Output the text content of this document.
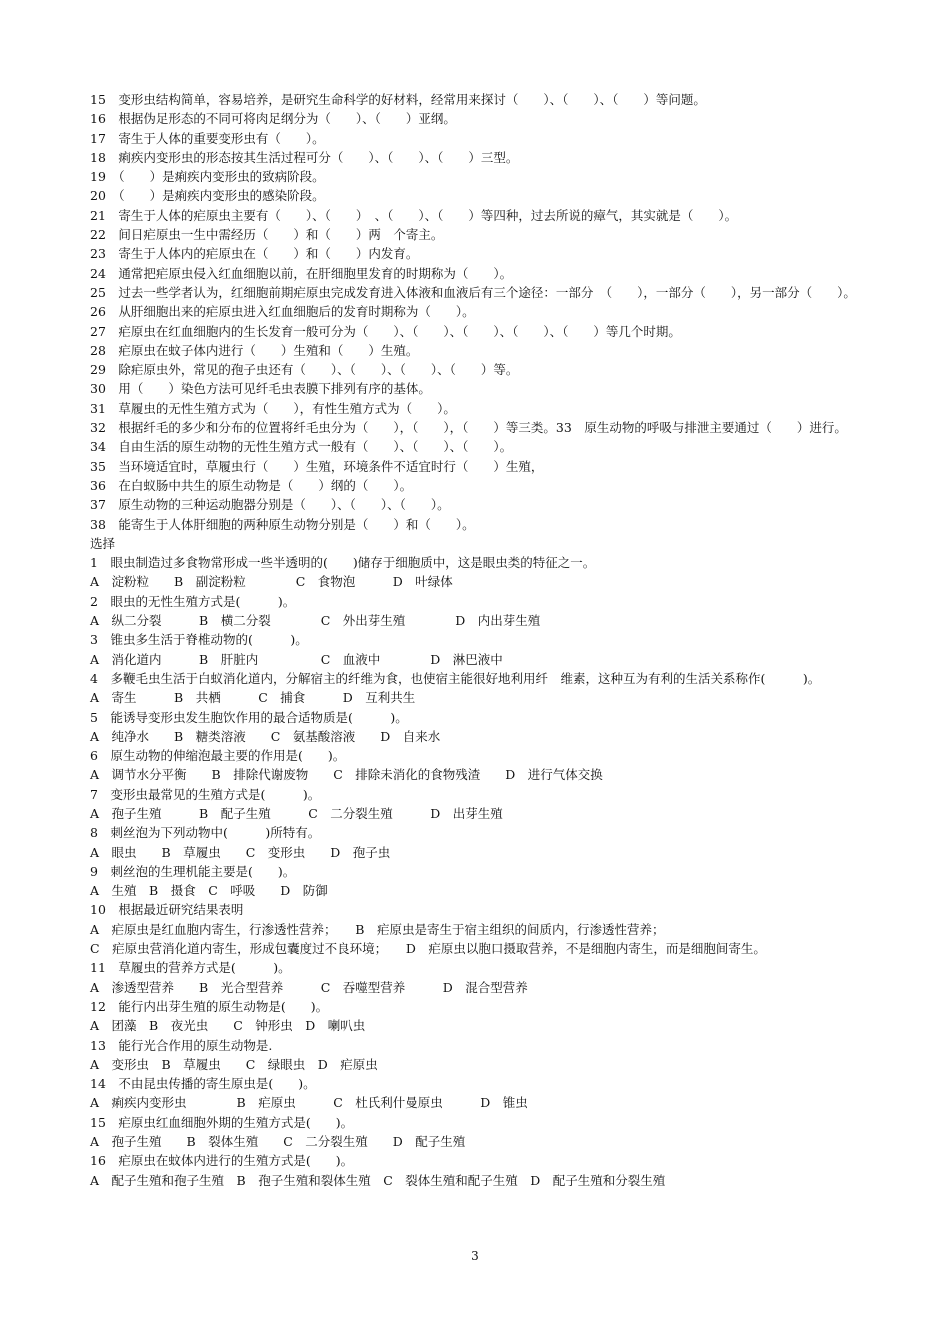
15　变形虫结构简单，容易培养，是研究生命科学的好材料，经常用来探讨（　　）、（　　）、（　　）等问题。
16　根据伪足形态的不同可将肉足纲分为（　　）、（　　）亚纲。
17　寄生于人体的重要变形虫有（　　）。
18　痢疾内变形虫的形态按其生活过程可分（　　）、（　　）、（　　）三型。
19　（　　）是痢疾内变形虫的致病阶段。
20　（　　）是痢疾内变形虫的感染阶段。
21　寄生于人体的疟原虫主要有（　　）、（　　）　、（　　）、（　　）等四种，过去所说的瘴气，其实就是（　　）。
22　间日疟原虫一生中需经历（　　）和（　　）两　个寄主。
23　寄生于人体内的疟原虫在（　　）和（　　）内发育。
24　通常把疟原虫侵入红血细胞以前，在肝细胞里发育的时期称为（　　）。
25　过去一些学者认为，红细胞前期疟原虫完成发育进入体液和血液后有三个途径：一部分　（　　），一部分（　　），另一部分（　　）。
26　从肝细胞出来的疟原虫进入红血细胞后的发育时期称为（　　）。
27　疟原虫在红血细胞内的生长发育一般可分为（　　）、（　　）、（　　）、（　　）、（　　）等几个时期。
28　疟原虫在蚊子体内进行（　　）生殖和（　　）生殖。
29　除疟原虫外，常见的孢子虫还有（　　）、（　　）、（　　）、（　　）等。
30　用（　　）染色方法可见纤毛虫表膜下排列有序的基体。
31　草履虫的无性生殖方式为（　　），有性生殖方式为（　　）。
32　根据纤毛的多少和分布的位置将纤毛虫分为（　　），（　　），（　　）等三类。33　原生动物的呼吸与排泄主要通过（　　）进行。
34　自由生活的原生动物的无性生殖方式一般有（　　）、（　　）、（　　）。
35　当环境适宜时，草履虫行（　　）生殖，环境条件不适宜时行（　　）生殖，
36　在白蚁肠中共生的原生动物是（　　）纲的（　　）。
37　原生动物的三种运动胞器分别是（　　）、（　　）、（　　）。
38　能寄生于人体肝细胞的两种原生动物分别是（　　）和（　　）。
选择
1　眼虫制造过多食物常形成一些半透明的(　　)储存于细胞质中，这是眼虫类的特征之一。
A　淀粉粒　　B　副淀粉粒　　　　C　食物泡　　　D　叶绿体
2　眼虫的无性生殖方式是(　　　)。
A　纵二分裂　　　B　横二分裂　　　　C　外出芽生殖　　　　D　内出芽生殖
3　锥虫多生活于脊椎动物的(　　　)。
A　消化道内　　　B　肝脏内　　　　　C　血液中　　　　D　淋巴液中
4　多鞭毛虫生活于白蚁消化道内，分解宿主的纤维为食，也使宿主能很好地利用纤　维素，这种互为有利的生活关系称作(　　　)。
A　寄生　　　B　共栖　　　C　捕食　　　D　互利共生
5　能诱导变形虫发生胞饮作用的最合适物质是(　　　)。
A　纯净水　　B　糖类溶液　　C　氨基酸溶液　　D　自来水
6　原生动物的伸缩泡最主要的作用是(　　)。
A　调节水分平衡　　B　排除代谢废物　　C　排除未消化的食物残渣　　D　进行气体交换
7　变形虫最常见的生殖方式是(　　　)。
A　孢子生殖　　　B　配子生殖　　　C　二分裂生殖　　　D　出芽生殖
8　刺丝泡为下列动物中(　　　)所特有。
A　眼虫　　B　草履虫　　C　变形虫　　D　孢子虫
9　刺丝泡的生理机能主要是(　　)。
A　生殖　B　摄食　C　呼吸　　D　防御
10　根据最近研究结果表明
A　疟原虫是红血胞内寄生，行渗透性营养；　　B　疟原虫是寄生于宿主组织的间质内，行渗透性营养；
C　疟原虫营消化道内寄生，形成包囊度过不良环境；　　D　疟原虫以胞口摄取营养，不是细胞内寄生，而是细胞间寄生。
11　草履虫的营养方式是(　　　)。
A　渗透型营养　　B　光合型营养　　　C　吞噬型营养　　　D　混合型营养
12　能行内出芽生殖的原生动物是(　　)。
A　团藻　B　夜光虫　　C　钟形虫　D　喇叭虫
13　能行光合作用的原生动物是.
A　变形虫　B　草履虫　　C　绿眼虫　D　疟原虫
14　不由昆虫传播的寄生原虫是(　　)。
A　痢疾内变形虫　　　　B　疟原虫　　　C　杜氏利什曼原虫　　　D　锥虫
15　疟原虫红血细胞外期的生殖方式是(　　)。
A　孢子生殖　　B　裂体生殖　　C　二分裂生殖　　D　配子生殖
16　疟原虫在蚊体内进行的生殖方式是(　　)。
A　配子生殖和孢子生殖　B　孢子生殖和裂体生殖　C　裂体生殖和配子生殖　D　配子生殖和分裂生殖
3
